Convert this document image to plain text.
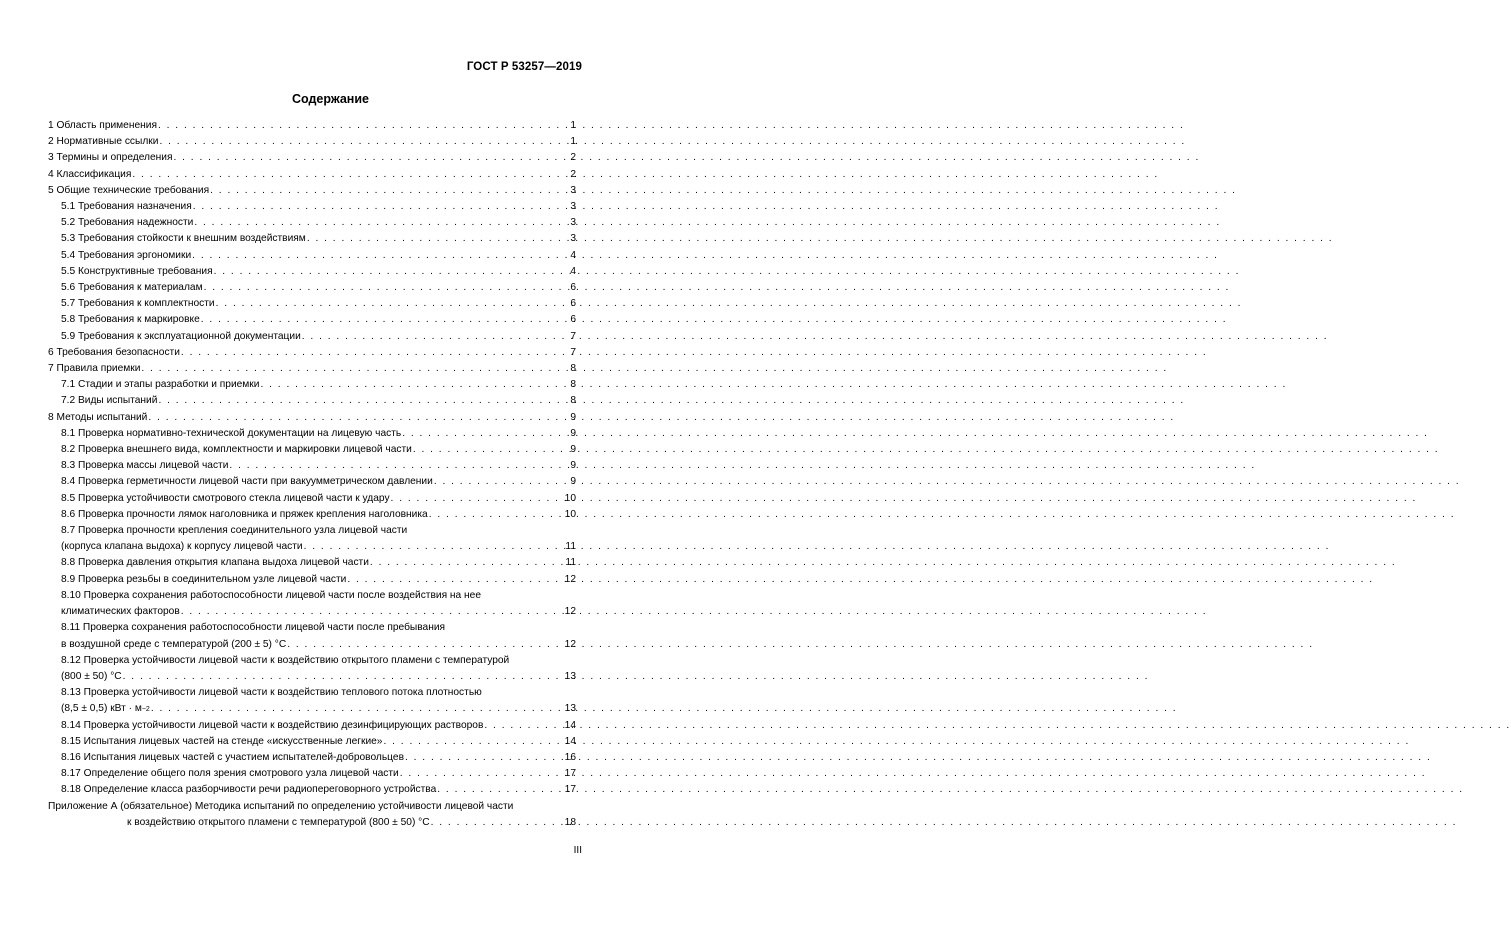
ГОСТ Р 53257—2019
Содержание
1 Область применения . . .	1
2 Нормативные ссылки . . .	1
3 Термины и определения . . .	2
4 Классификация . . .	2
5 Общие технические требования . . .	3
5.1 Требования назначения . . .	3
5.2 Требования надежности . . .	3
5.3 Требования стойкости к внешним воздействиям . . .	3
5.4 Требования эргономики . . .	4
5.5 Конструктивные требования . . .	4
5.6 Требования к материалам . . .	6
5.7 Требования к комплектности . . .	6
5.8 Требования к маркировке . . .	6
5.9 Требования к эксплуатационной документации . . .	7
6 Требования безопасности . . .	7
7 Правила приемки . . .	8
7.1 Стадии и этапы разработки и приемки . . .	8
7.2 Виды испытаний . . .	8
8 Методы испытаний . . .	9
8.1 Проверка нормативно-технической документации на лицевую часть . . .	9
8.2 Проверка внешнего вида, комплектности и маркировки лицевой части . . .	9
8.3 Проверка массы лицевой части . . .	9
8.4 Проверка герметичности лицевой части при вакуумметрическом давлении . . .	9
8.5 Проверка устойчивости смотрового стекла лицевой части к удару . . .	10
8.6 Проверка прочности лямок наголовника и пряжек крепления наголовника . . .	10
8.7 Проверка прочности крепления соединительного узла лицевой части
(корпуса клапана выдоха) к корпусу лицевой части . . .	11
8.8 Проверка давления открытия клапана выдоха лицевой части . . .	11
8.9 Проверка резьбы в соединительном узле лицевой части . . .	12
8.10 Проверка сохранения работоспособности лицевой части после воздействия на нее
климатических факторов . . .	12
8.11 Проверка сохранения работоспособности лицевой части после пребывания
в воздушной среде с температурой (200 ± 5) °С . . .	12
8.12 Проверка устойчивости лицевой части к воздействию открытого пламени с температурой
(800 ± 50) °С . . .	13
8.13 Проверка устойчивости лицевой части к воздействию теплового потока плотностью
(8,5 ± 0,5) кВт · м −2 . . .	13
8.14 Проверка устойчивости лицевой части к воздействию дезинфицирующих растворов . . .	14
8.15 Испытания лицевых частей на стенде «искусственные легкие» . . .	14
8.16 Испытания лицевых частей с участием испытателей-добровольцев . . .	16
8.17 Определение общего поля зрения смотрового узла лицевой части . . .	17
8.18 Определение класса разборчивости речи радиопереговорного устройства . . .	17
Приложение А (обязательное) Методика испытаний по определению устойчивости лицевой части
к воздействию открытого пламени с температурой (800 ± 50) °С . . .	18
III
